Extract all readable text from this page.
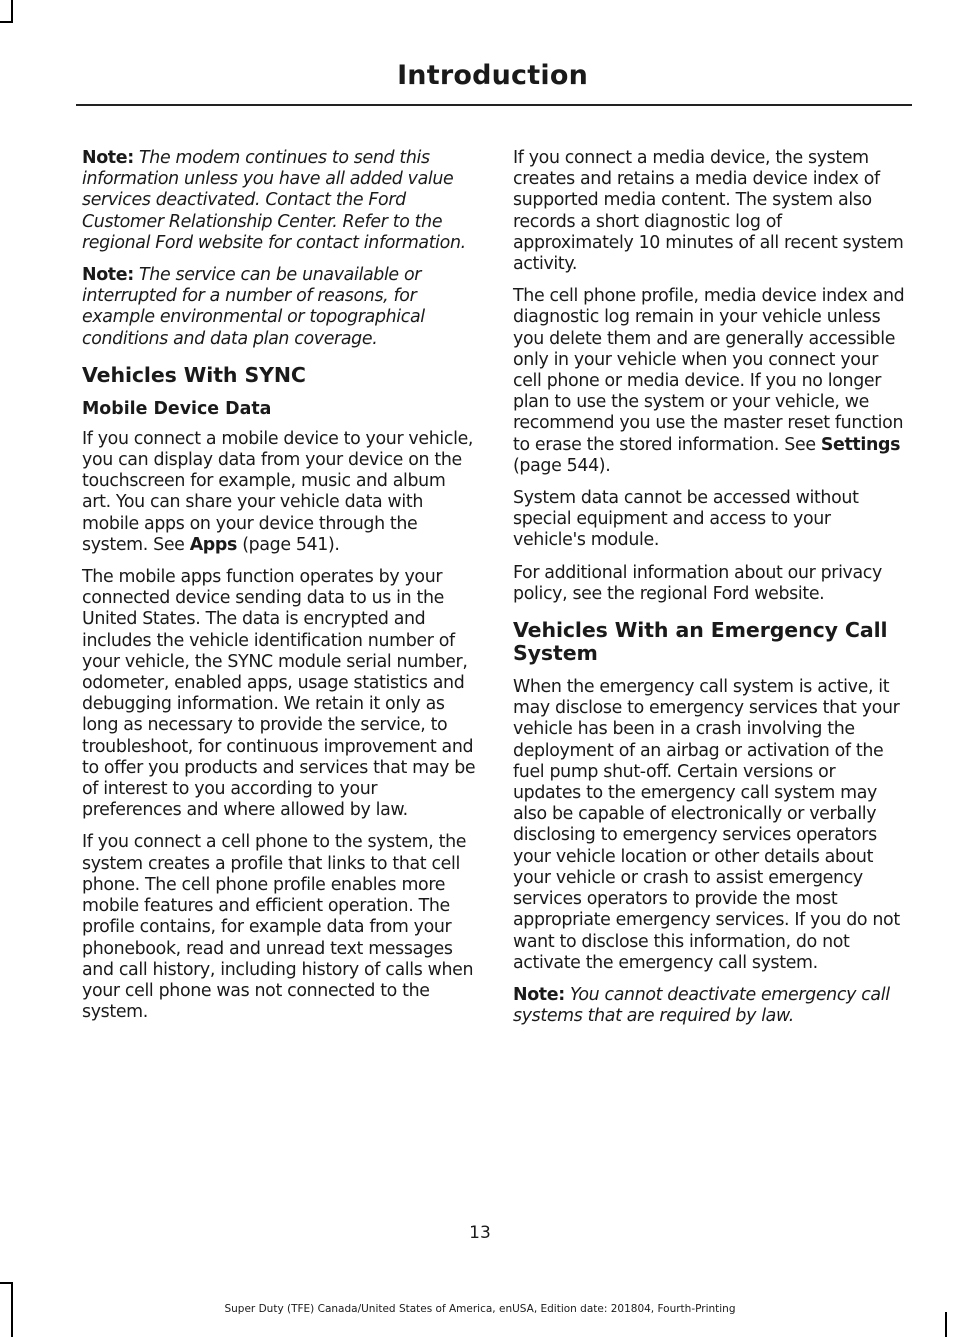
Introduction

Note: The modem continues to send this information unless you have all added value services deactivated. Contact the Ford Customer Relationship Center. Refer to the regional Ford website for contact information.

Note: The service can be unavailable or interrupted for a number of reasons, for example environmental or topographical conditions and data plan coverage.

Vehicles With SYNC
Mobile Device Data

If you connect a mobile device to your vehicle, you can display data from your device on the touchscreen for example, music and album art. You can share your vehicle data with mobile apps on your device through the system. See Apps (page 541).

The mobile apps function operates by your connected device sending data to us in the United States. The data is encrypted and includes the vehicle identification number of your vehicle, the SYNC module serial number, odometer, enabled apps, usage statistics and debugging information. We retain it only as long as necessary to provide the service, to troubleshoot, for continuous improvement and to offer you products and services that may be of interest to you according to your preferences and where allowed by law.

If you connect a cell phone to the system, the system creates a profile that links to that cell phone. The cell phone profile enables more mobile features and efficient operation. The profile contains, for example data from your phonebook, read and unread text messages and call history, including history of calls when your cell phone was not connected to the system.

If you connect a media device, the system creates and retains a media device index of supported media content. The system also records a short diagnostic log of approximately 10 minutes of all recent system activity.

The cell phone profile, media device index and diagnostic log remain in your vehicle unless you delete them and are generally accessible only in your vehicle when you connect your cell phone or media device. If you no longer plan to use the system or your vehicle, we recommend you use the master reset function to erase the stored information. See Settings (page 544).

System data cannot be accessed without special equipment and access to your vehicle's module.

For additional information about our privacy policy, see the regional Ford website.

Vehicles With an Emergency Call System

When the emergency call system is active, it may disclose to emergency services that your vehicle has been in a crash involving the deployment of an airbag or activation of the fuel pump shut-off. Certain versions or updates to the emergency call system may also be capable of electronically or verbally disclosing to emergency services operators your vehicle location or other details about your vehicle or crash to assist emergency services operators to provide the most appropriate emergency services. If you do not want to disclose this information, do not activate the emergency call system.

Note: You cannot deactivate emergency call systems that are required by law.

13
Super Duty (TFE) Canada/United States of America, enUSA, Edition date: 201804, Fourth-Printing
